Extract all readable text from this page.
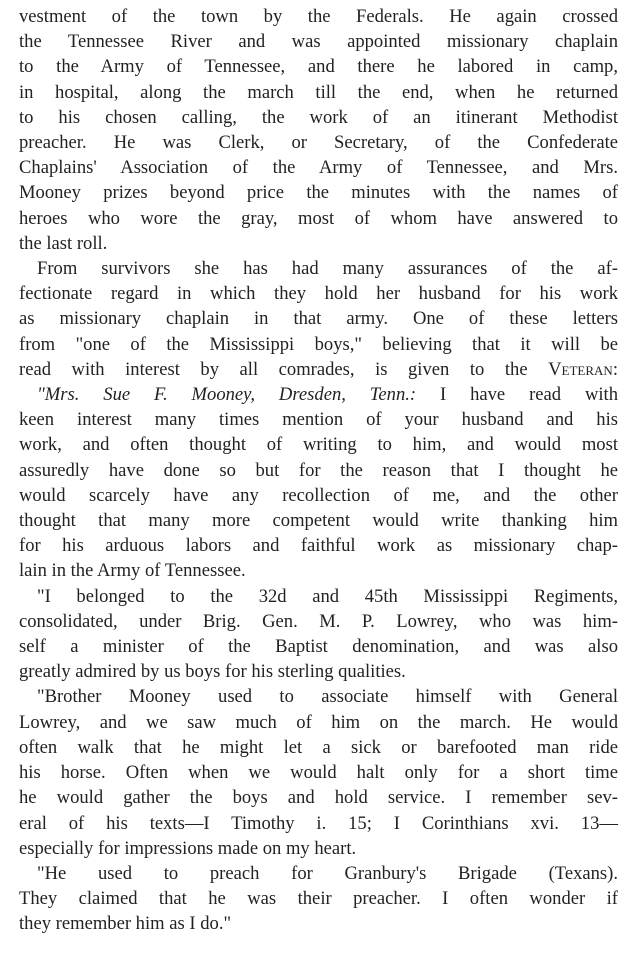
vestment of the town by the Federals. He again crossed
the Tennessee River and was appointed missionary chaplain
to the Army of Tennessee, and there he labored in camp,
in hospital, along the march till the end, when he returned
to his chosen calling, the work of an itinerant Methodist
preacher. He was Clerk, or Secretary, of the Confederate
Chaplains' Association of the Army of Tennessee, and Mrs.
Mooney prizes beyond price the minutes with the names of
heroes who wore the gray, most of whom have answered to
the last roll.
From survivors she has had many assurances of the af-
fectionate regard in which they hold her husband for his work
as missionary chaplain in that army. One of these letters
from "one of the Mississippi boys," believing that it will be
read with interest by all comrades, is given to the Veteran:
"Mrs. Sue F. Mooney, Dresden, Tenn.: I have read with
keen interest many times mention of your husband and his
work, and often thought of writing to him, and would most
assuredly have done so but for the reason that I thought he
would scarcely have any recollection of me, and the other
thought that many more competent would write thanking him
for his arduous labors and faithful work as missionary chap-
lain in the Army of Tennessee.
"I belonged to the 32d and 45th Mississippi Regiments,
consolidated, under Brig. Gen. M. P. Lowrey, who was him-
self a minister of the Baptist denomination, and was also
greatly admired by us boys for his sterling qualities.
"Brother Mooney used to associate himself with General
Lowrey, and we saw much of him on the march. He would
often walk that he might let a sick or barefooted man ride
his horse. Often when we would halt only for a short time
he would gather the boys and hold service. I remember sev-
eral of his texts—I Timothy i. 15; I Corinthians xvi. 13—
especially for impressions made on my heart.
"He used to preach for Granbury's Brigade (Texans).
They claimed that he was their preacher. I often wonder if
they remember him as I do."
